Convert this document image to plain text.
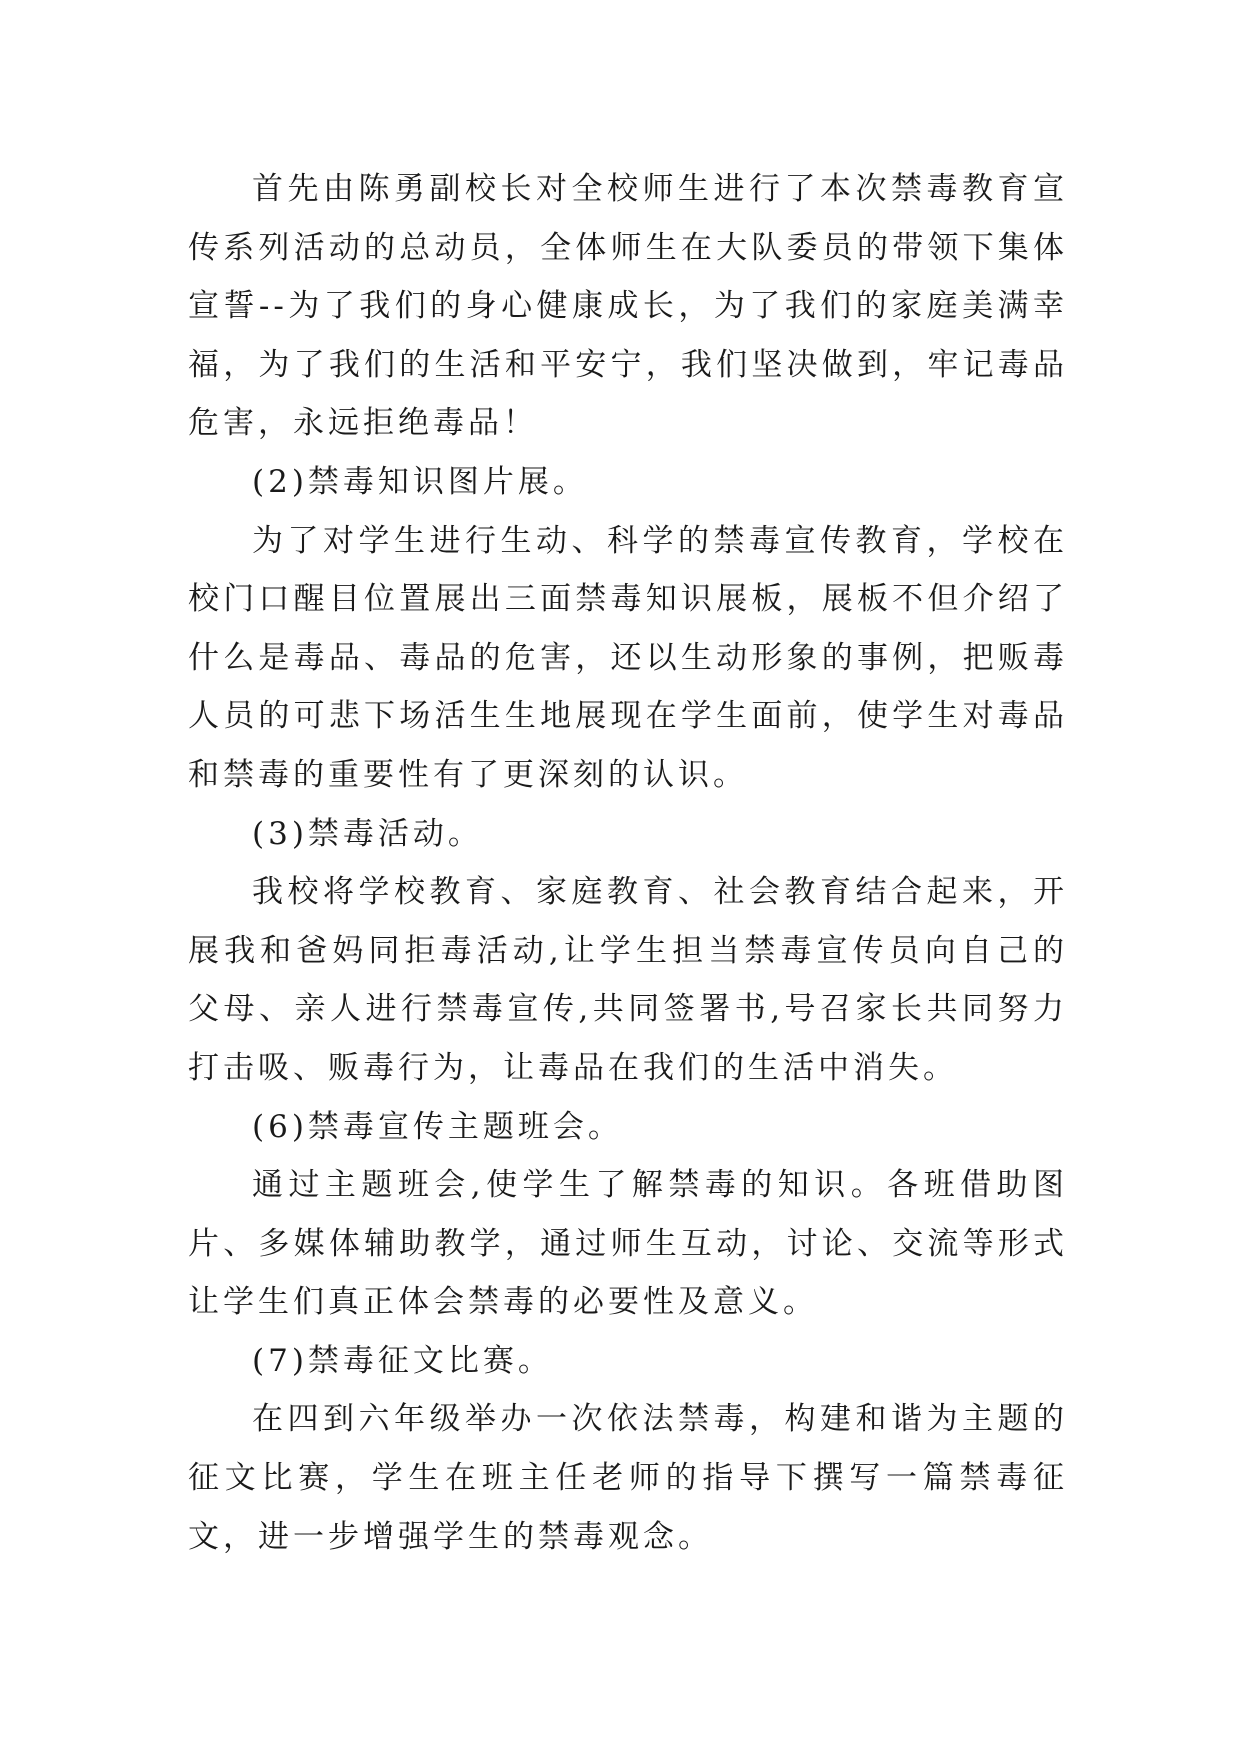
首先由陈勇副校长对全校师生进行了本次禁毒教育宣传系列活动的总动员，全体师生在大队委员的带领下集体宣誓--为了我们的身心健康成长，为了我们的家庭美满幸福，为了我们的生活和平安宁，我们坚决做到，牢记毒品危害，永远拒绝毒品！

(2)禁毒知识图片展。

为了对学生进行生动、科学的禁毒宣传教育，学校在校门口醒目位置展出三面禁毒知识展板，展板不但介绍了什么是毒品、毒品的危害，还以生动形象的事例，把贩毒人员的可悲下场活生生地展现在学生面前，使学生对毒品和禁毒的重要性有了更深刻的认识。

(3)禁毒活动。

我校将学校教育、家庭教育、社会教育结合起来，开展我和爸妈同拒毒活动,让学生担当禁毒宣传员向自己的父母、亲人进行禁毒宣传,共同签署书,号召家长共同努力打击吸、贩毒行为，让毒品在我们的生活中消失。

(6)禁毒宣传主题班会。

通过主题班会,使学生了解禁毒的知识。各班借助图片、多媒体辅助教学，通过师生互动，讨论、交流等形式让学生们真正体会禁毒的必要性及意义。

(7)禁毒征文比赛。

在四到六年级举办一次依法禁毒，构建和谐为主题的征文比赛，学生在班主任老师的指导下撰写一篇禁毒征文，进一步增强学生的禁毒观念。
